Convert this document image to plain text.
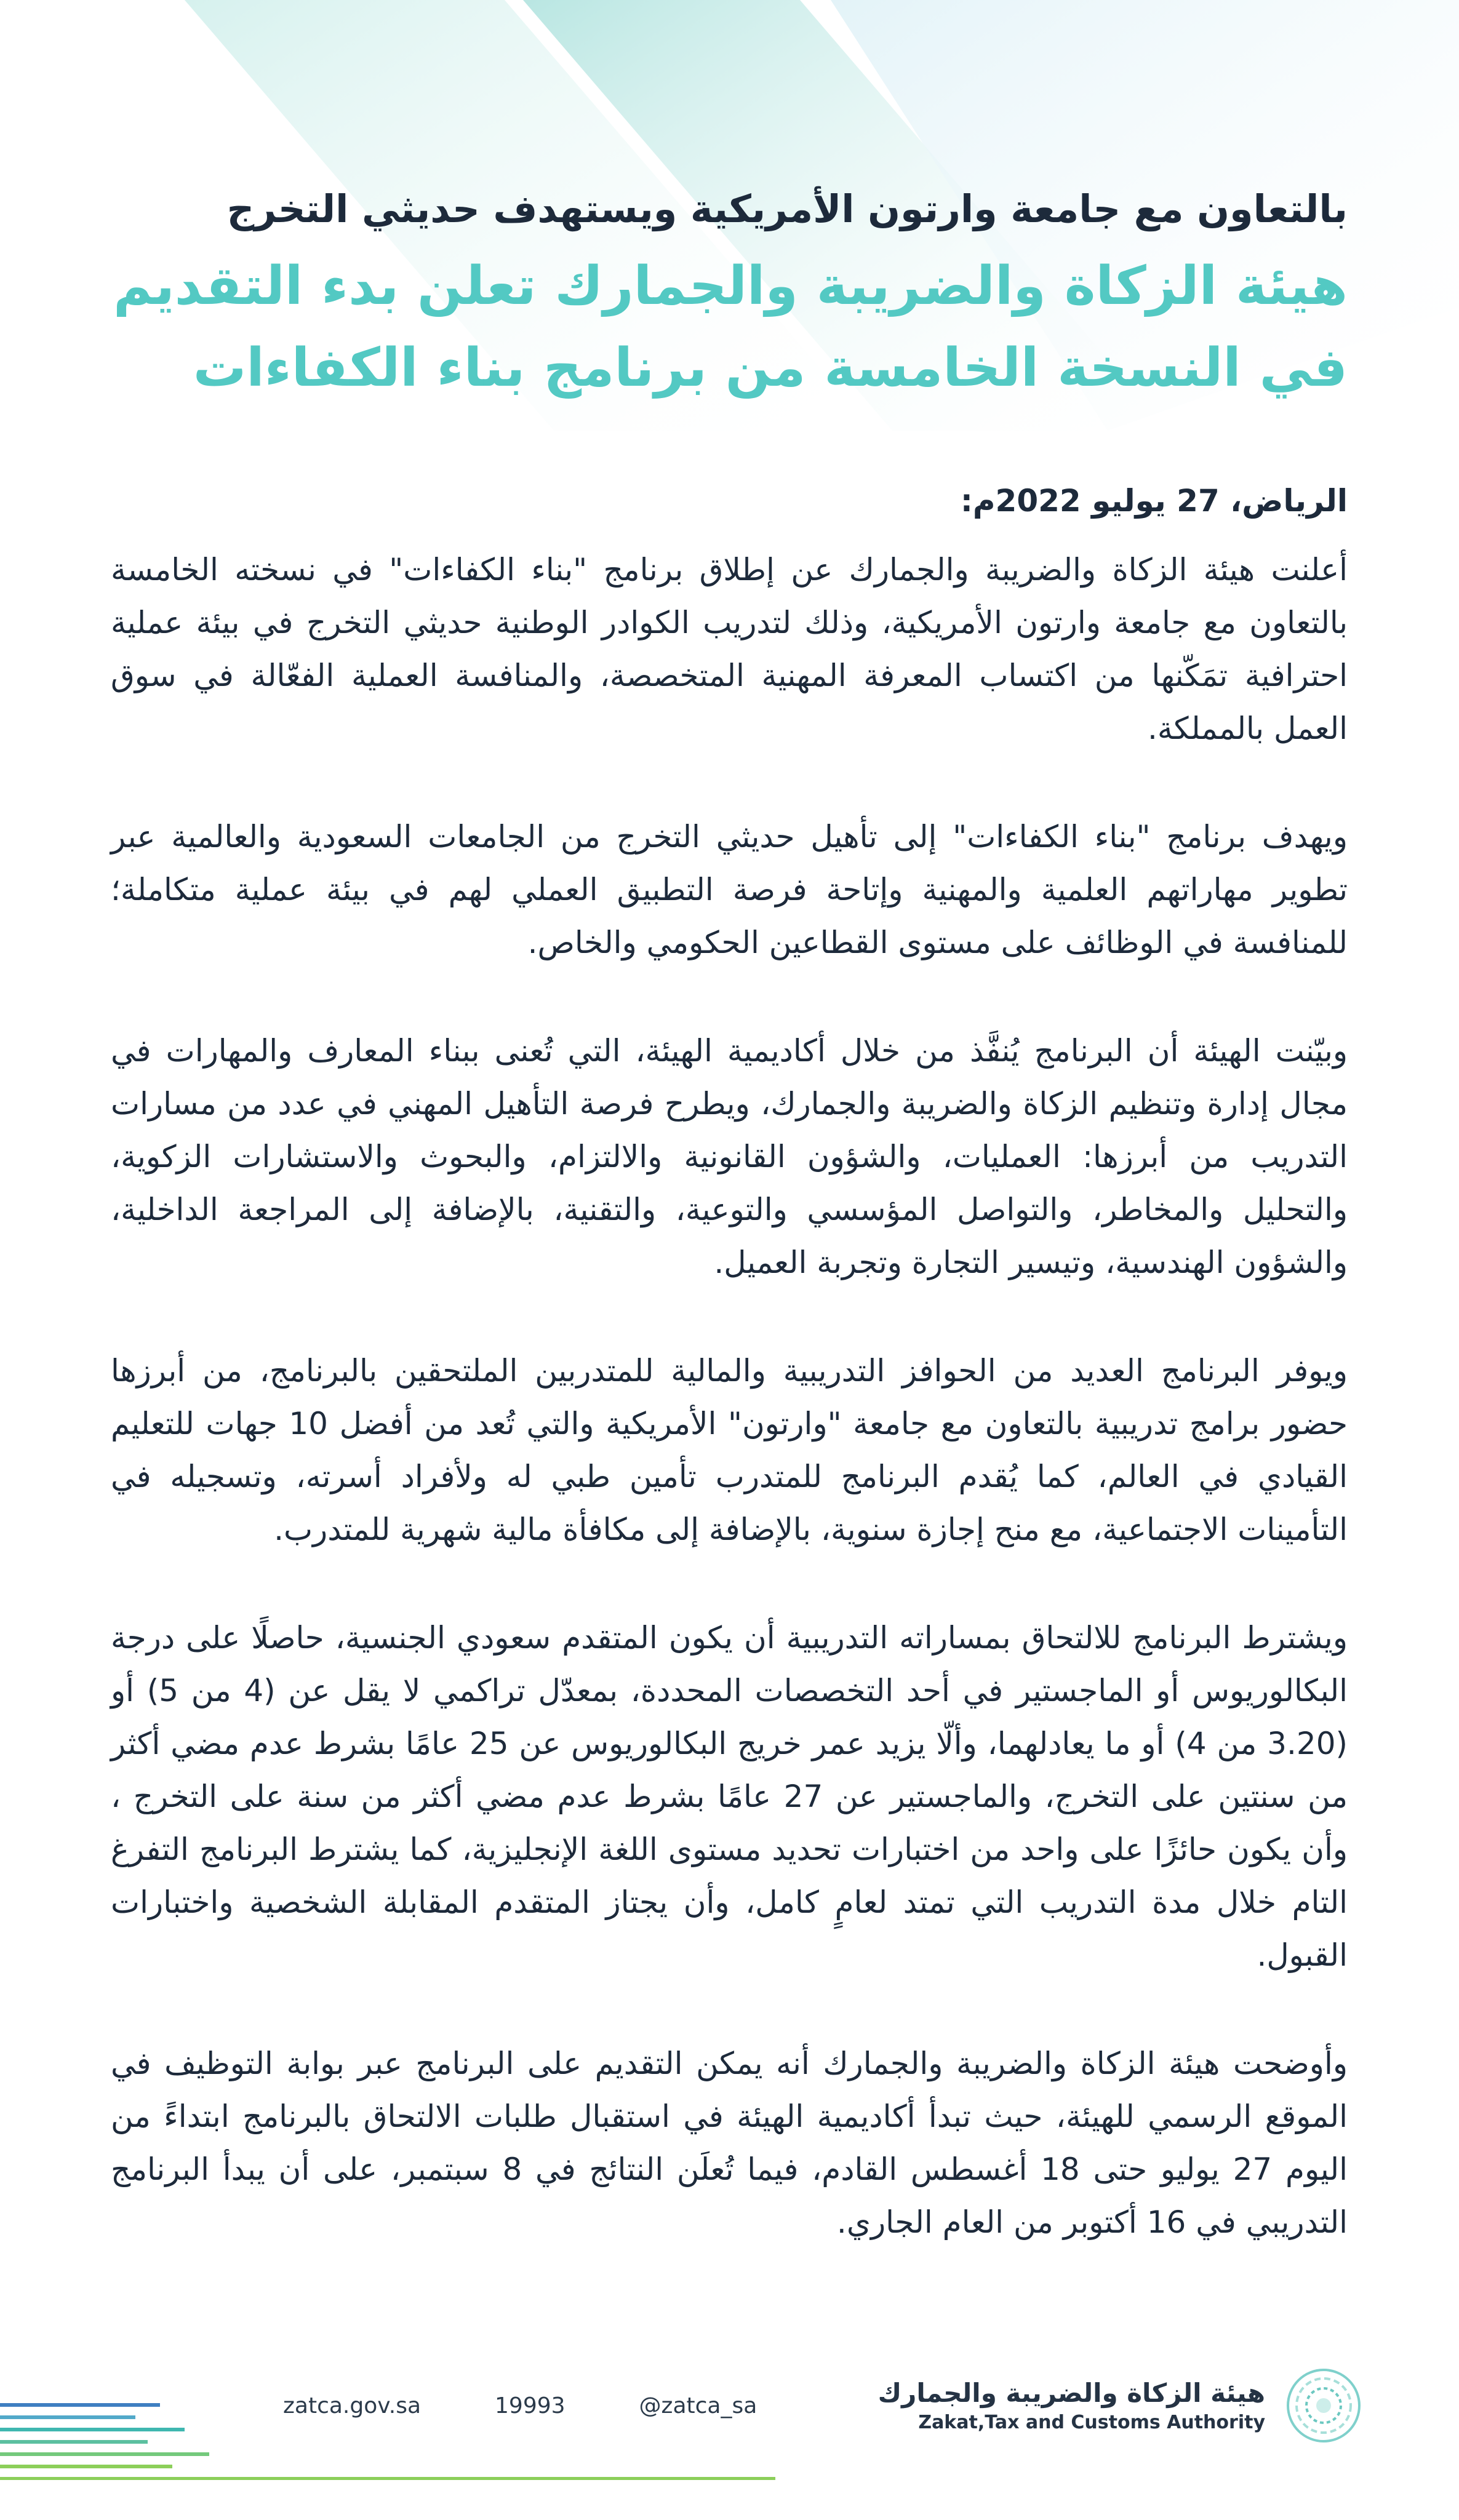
بالتعاون مع جامعة وارتون الأمريكية ويستهدف حديثي التخرج
هيئة الزكاة والضريبة والجمارك تعلن بدء التقديم
في النسخة الخامسة من برنامج بناء الكفاءات
الرياض، 27 يوليو 2022م:

أعلنت هيئة الزكاة والضريبة والجمارك عن إطلاق برنامج "بناء الكفاءات" في نسخته الخامسة بالتعاون مع جامعة وارتون الأمريكية، وذلك لتدريب الكوادر الوطنية حديثي التخرج في بيئة عملية احترافية تمَكّنها من اكتساب المعرفة المهنية المتخصصة، والمنافسة العملية الفعّالة في سوق العمل بالمملكة.

ويهدف برنامج "بناء الكفاءات" إلى تأهيل حديثي التخرج من الجامعات السعودية والعالمية عبر تطوير مهاراتهم العلمية والمهنية وإتاحة فرصة التطبيق العملي لهم في بيئة عملية متكاملة؛ للمنافسة في الوظائف على مستوى القطاعين الحكومي والخاص.

وبيّنت الهيئة أن البرنامج يُنفَّذ من خلال أكاديمية الهيئة، التي تُعنى ببناء المعارف والمهارات في مجال إدارة وتنظيم الزكاة والضريبة والجمارك، ويطرح فرصة التأهيل المهني في عدد من مسارات التدريب من أبرزها: العمليات، والشؤون القانونية والالتزام، والبحوث والاستشارات الزكوية، والتحليل والمخاطر، والتواصل المؤسسي والتوعية، والتقنية، بالإضافة إلى المراجعة الداخلية، والشؤون الهندسية، وتيسير التجارة وتجربة العميل.

ويوفر البرنامج العديد من الحوافز التدريبية والمالية للمتدربين الملتحقين بالبرنامج، من أبرزها حضور برامج تدريبية بالتعاون مع جامعة "وارتون" الأمريكية والتي تُعد من أفضل 10 جهات للتعليم القيادي في العالم، كما يُقدم البرنامج للمتدرب تأمين طبي له ولأفراد أسرته، وتسجيله في التأمينات الاجتماعية، مع منح إجازة سنوية، بالإضافة إلى مكافأة مالية شهرية للمتدرب.

ويشترط البرنامج للالتحاق بمساراته التدريبية أن يكون المتقدم سعودي الجنسية، حاصلًا على درجة البكالوريوس أو الماجستير في أحد التخصصات المحددة، بمعدّل تراكمي لا يقل عن (4 من 5) أو (3.20 من 4) أو ما يعادلهما، وألّا يزيد عمر خريج البكالوريوس عن 25 عامًا بشرط عدم مضي أكثر من سنتين على التخرج، والماجستير عن 27 عامًا بشرط عدم مضي أكثر من سنة على التخرج ، وأن يكون حائزًا على واحد من اختبارات تحديد مستوى اللغة الإنجليزية، كما يشترط البرنامج التفرغ التام خلال مدة التدريب التي تمتد لعامٍ كامل، وأن يجتاز المتقدم المقابلة الشخصية واختبارات القبول.

وأوضحت هيئة الزكاة والضريبة والجمارك أنه يمكن التقديم على البرنامج عبر بوابة التوظيف في الموقع الرسمي للهيئة، حيث تبدأ أكاديمية الهيئة في استقبال طلبات الالتحاق بالبرنامج ابتداءً من اليوم 27 يوليو حتى 18 أغسطس القادم، فيما تُعلَن النتائج في 8 سبتمبر، على أن يبدأ البرنامج التدريبي في 16 أكتوبر من العام الجاري.

zatca.gov.sa	19993	@zatca_sa	هيئة الزكاة والضريبة والجمارك
Zakat,Tax and Customs Authority
